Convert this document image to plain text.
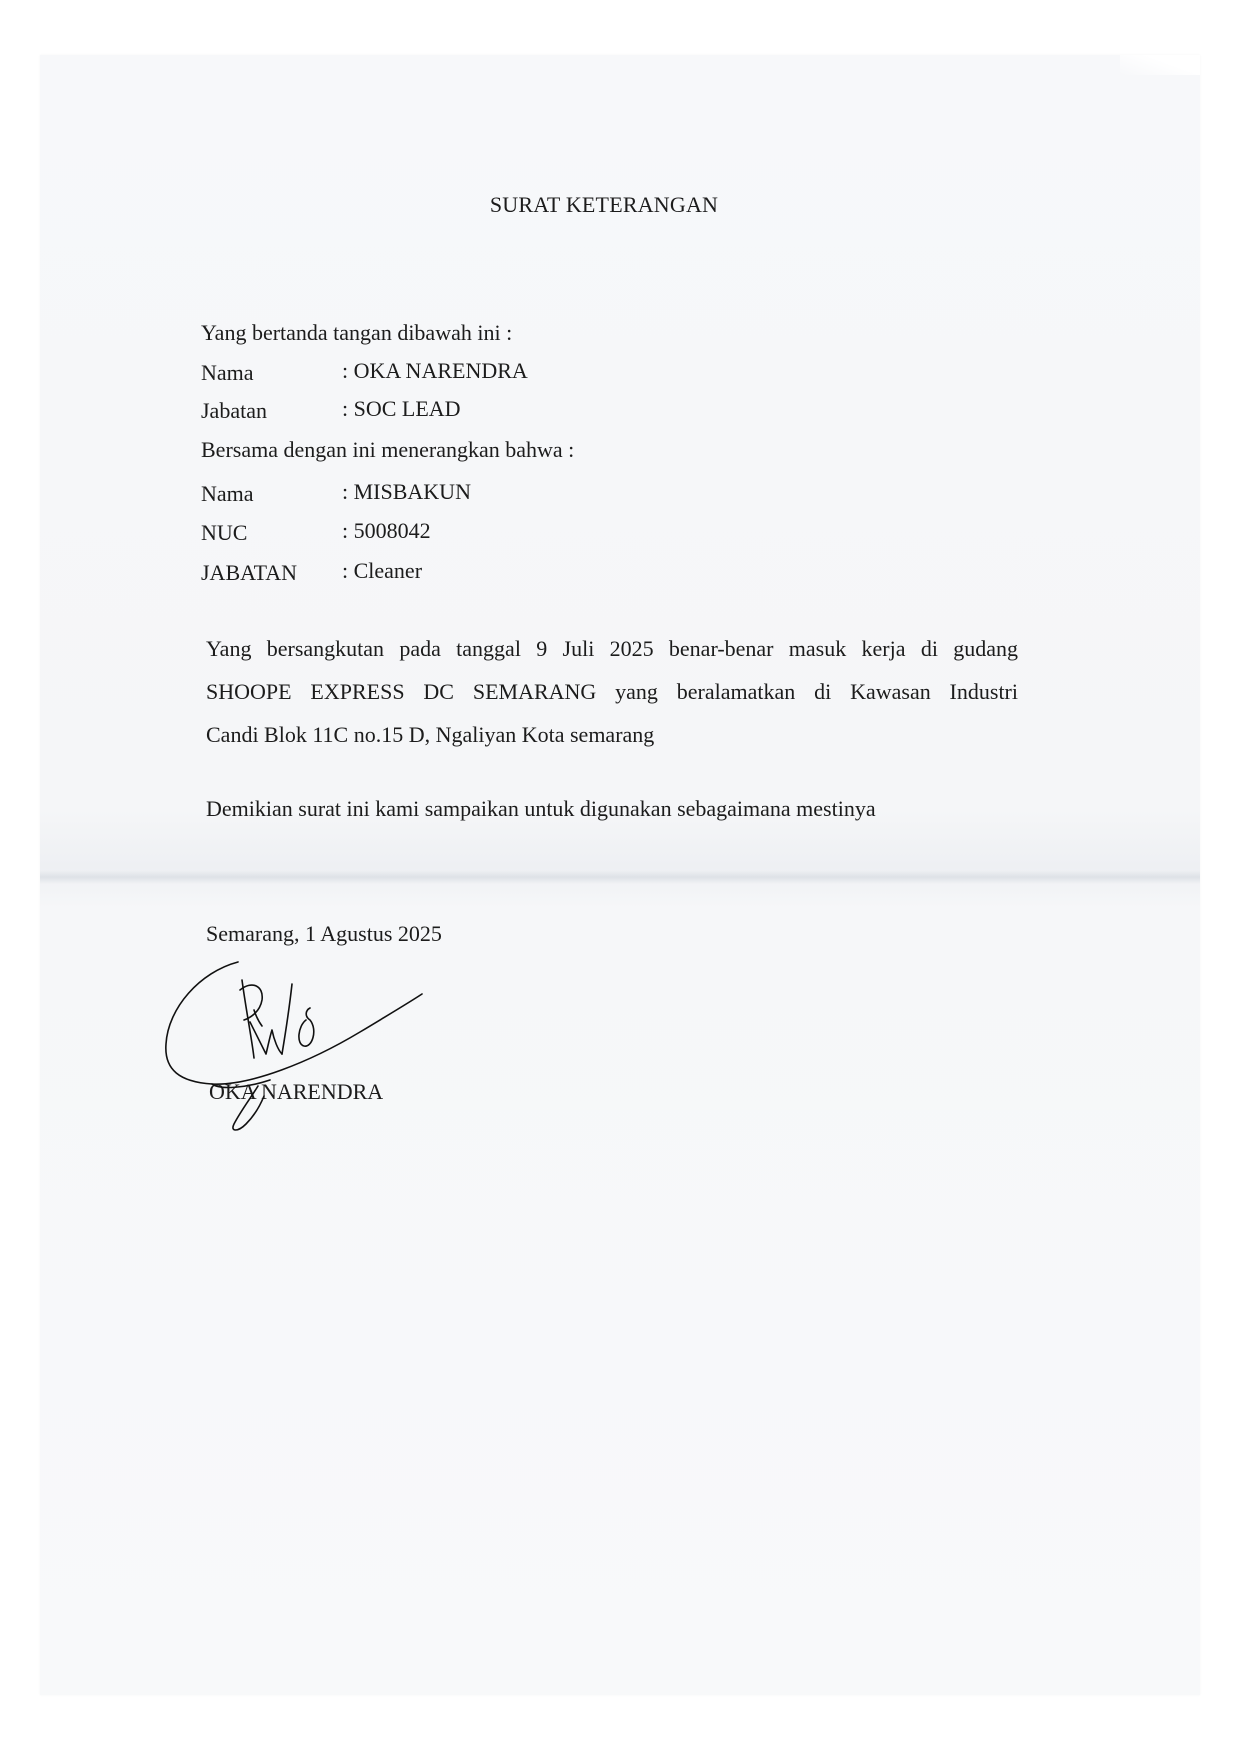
SURAT KETERANGAN
Yang bertanda tangan dibawah ini :
Nama	: OKA NARENDRA
Jabatan	: SOC LEAD
Bersama dengan ini menerangkan bahwa :
Nama	: MISBAKUN
NUC	: 5008042
JABATAN : Cleaner
Yang bersangkutan pada tanggal 9 Juli 2025 benar-benar masuk kerja di gudang
SHOOPE EXPRESS DC SEMARANG yang beralamatkan di Kawasan Industri
Candi Blok 11C no.15 D, Ngaliyan Kota semarang
Demikian surat ini kami sampaikan untuk digunakan sebagaimana mestinya
Semarang, 1 Agustus 2025
OKA NARENDRA
